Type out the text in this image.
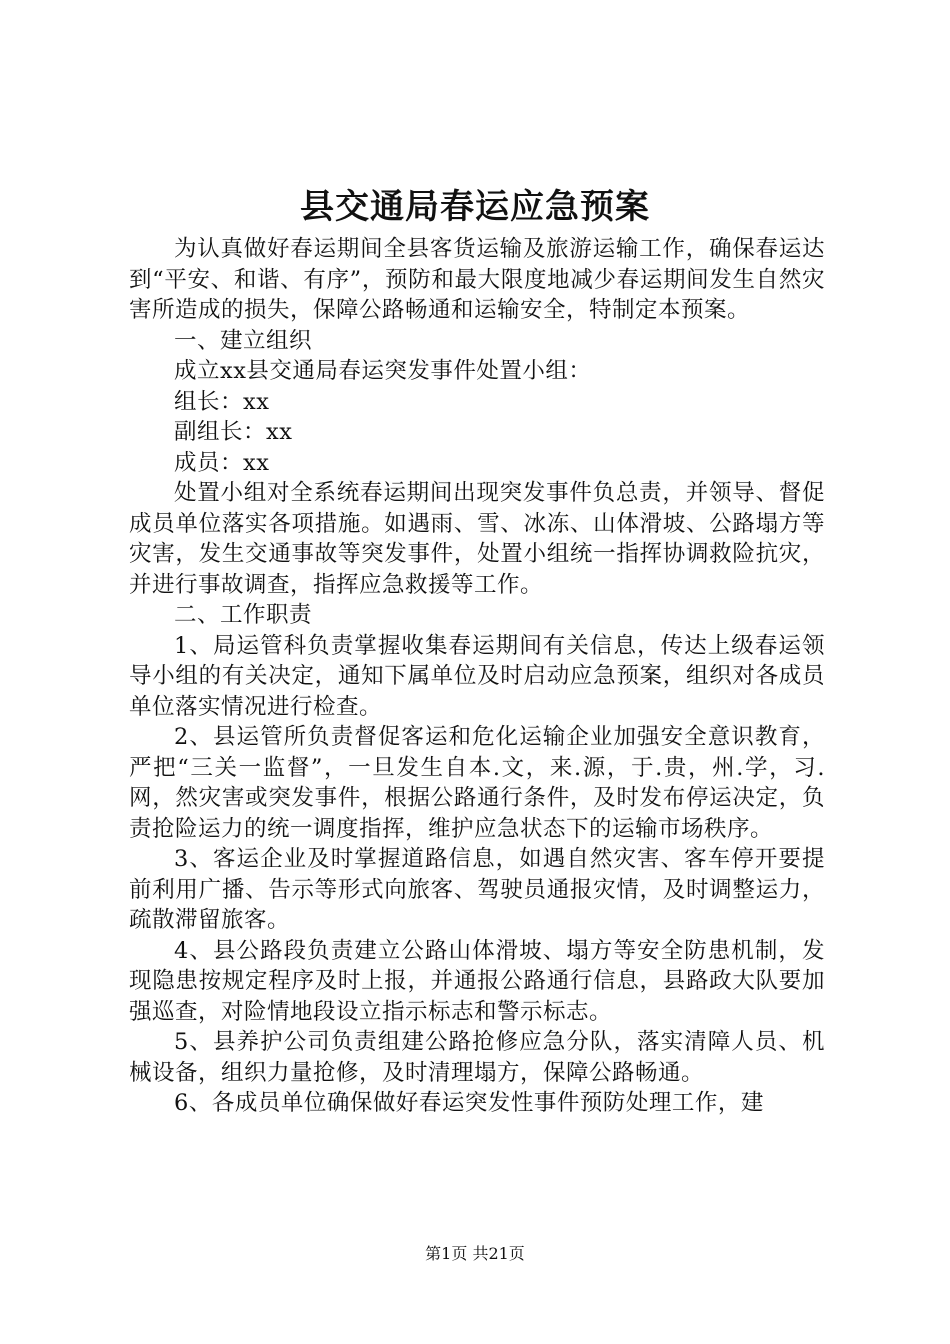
县交通局春运应急预案

为认真做好春运期间全县客货运输及旅游运输工作，确保春运达到“平安、和谐、有序”，预防和最大限度地减少春运期间发生自然灾害所造成的损失，保障公路畅通和运输安全，特制定本预案。

一、建立组织

成立xx县交通局春运突发事件处置小组：

组长：xx

副组长：xx

成员：xx

处置小组对全系统春运期间出现突发事件负总责，并领导、督促成员单位落实各项措施。如遇雨、雪、冰冻、山体滑坡、公路塌方等灾害，发生交通事故等突发事件，处置小组统一指挥协调救险抗灾，并进行事故调查，指挥应急救援等工作。

二、工作职责

1、局运管科负责掌握收集春运期间有关信息，传达上级春运领导小组的有关决定，通知下属单位及时启动应急预案，组织对各成员单位落实情况进行检查。

2、县运管所负责督促客运和危化运输企业加强安全意识教育，严把“三关一监督”，一旦发生自本.文，来.源，于.贵，州.学，习.网，然灾害或突发事件，根据公路通行条件，及时发布停运决定，负责抢险运力的统一调度指挥，维护应急状态下的运输市场秩序。

3、客运企业及时掌握道路信息，如遇自然灾害、客车停开要提前利用广播、告示等形式向旅客、驾驶员通报灾情，及时调整运力，疏散滞留旅客。

4、县公路段负责建立公路山体滑坡、塌方等安全防患机制，发现隐患按规定程序及时上报，并通报公路通行信息，县路政大队要加强巡查，对险情地段设立指示标志和警示标志。

5、县养护公司负责组建公路抢修应急分队，落实清障人员、机械设备，组织力量抢修，及时清理塌方，保障公路畅通。

6、各成员单位确保做好春运突发性事件预防处理工作，建

第1页 共21页
